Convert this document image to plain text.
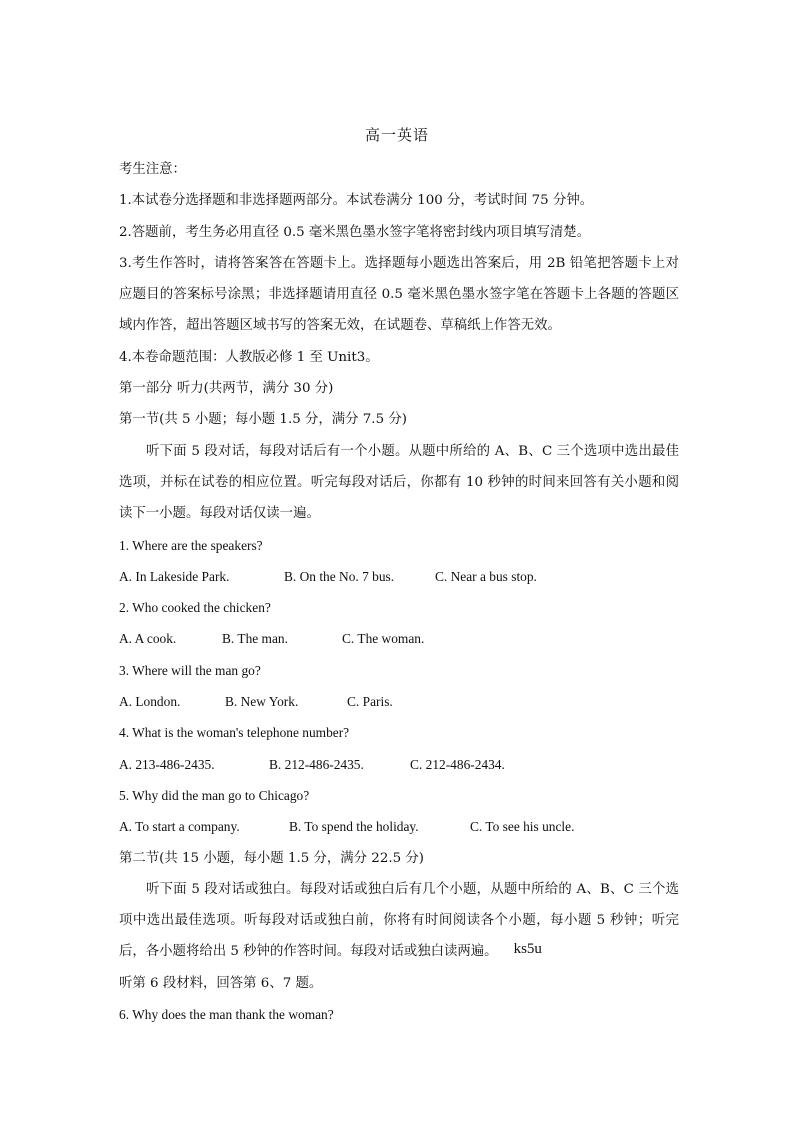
高一英语

考生注意：

1.本试卷分选择题和非选择题两部分。本试卷满分 100 分，考试时间 75 分钟。

2.答题前，考生务必用直径 0.5 毫米黑色墨水签字笔将密封线内项目填写清楚。

3.考生作答时，请将答案答在答题卡上。选择题每小题选出答案后，用 2B 铅笔把答题卡上对应题目的答案标号涂黑；非选择题请用直径 0.5 毫米黑色墨水签字笔在答题卡上各题的答题区域内作答，超出答题区域书写的答案无效，在试题卷、草稿纸上作答无效。

4.本卷命题范围：人教版必修 1 至 Unit3。

第一部分 听力(共两节，满分 30 分)

第一节(共 5 小题；每小题 1.5 分，满分 7.5 分)

听下面 5 段对话，每段对话后有一个小题。从题中所给的 A、B、C 三个选项中选出最佳选项，并标在试卷的相应位置。听完每段对话后，你都有 10 秒钟的时间来回答有关小题和阅读下一小题。每段对话仅读一遍。

1. Where are the speakers?

A. In Lakeside Park.	B. On the No. 7 bus.	C. Near a bus stop.

2. Who cooked the chicken?

A. A cook.	B. The man.	C. The woman.

3. Where will the man go?

A. London.	B. New York.	C. Paris.

4. What is the woman's telephone number?

A. 213-486-2435.	B. 212-486-2435.	C. 212-486-2434.

5. Why did the man go to Chicago?

A. To start a company.	B. To spend the holiday.	C. To see his uncle.

第二节(共 15 小题，每小题 1.5 分，满分 22.5 分)

听下面 5 段对话或独白。每段对话或独白后有几个小题，从题中所给的 A、B、C 三个选项中选出最佳选项。听每段对话或独白前，你将有时间阅读各个小题，每小题 5 秒钟；听完后，各小题将给出 5 秒钟的作答时间。每段对话或独白读两遍。 ks5u

听第 6 段材料，回答第 6、7 题。

6. Why does the man thank the woman?
